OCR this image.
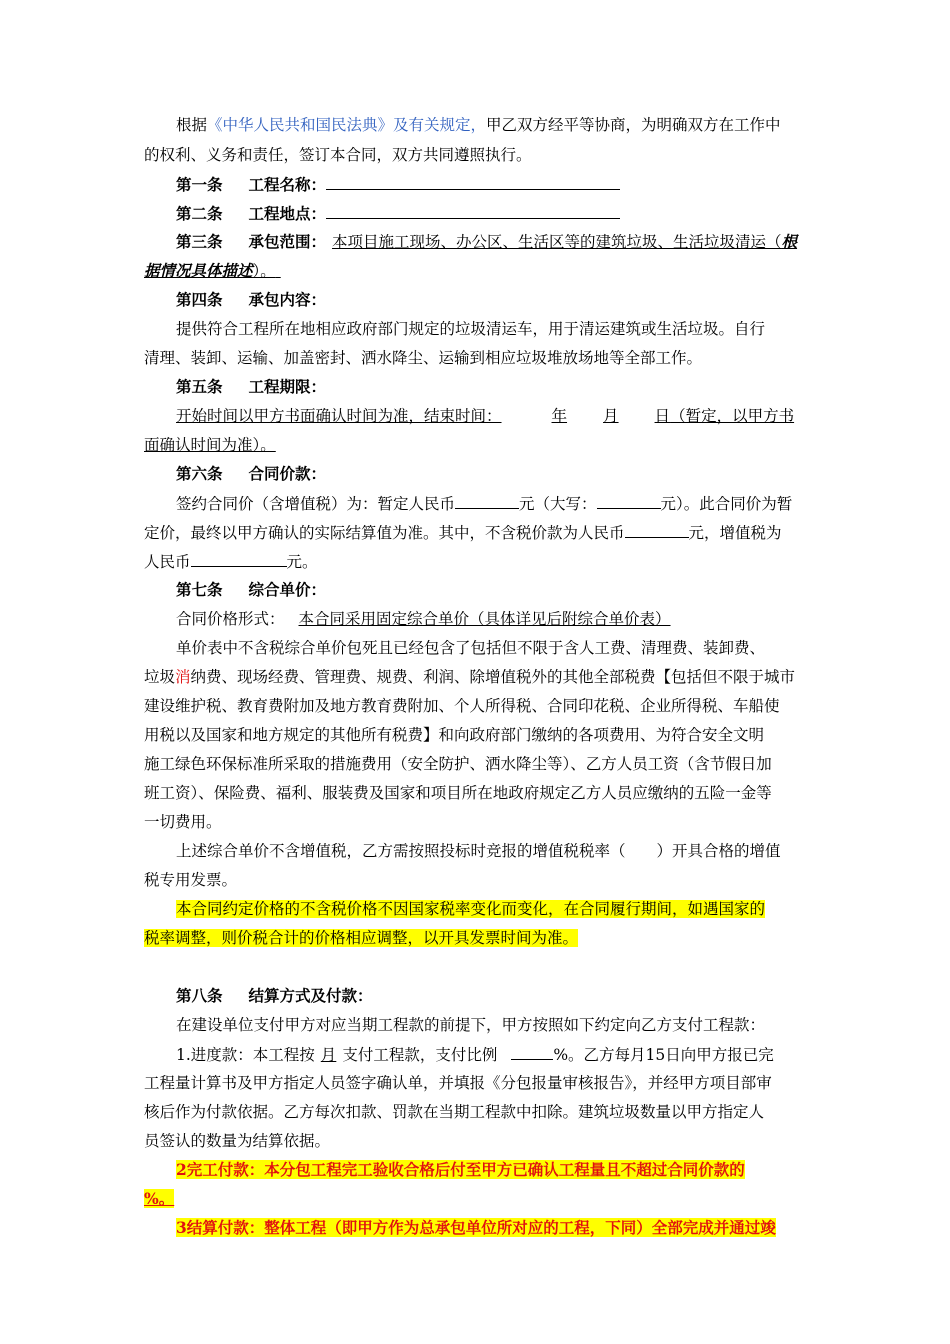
根据《中华人民共和国民法典》及有关规定，甲乙双方经平等协商，为明确双方在工作中
的权利、义务和责任，签订本合同，双方共同遵照执行。
第一条 工程名称：
第二条 工程地点：
第三条 承包范围： 本项目施工现场、办公区、生活区等的建筑垃圾、生活垃圾清运（根
据情况具体描述）。
第四条 承包内容：
提供符合工程所在地相应政府部门规定的垃圾清运车，用于清运建筑或生活垃圾。自行
清理、装卸、运输、加盖密封、洒水降尘、运输到相应垃圾堆放场地等全部工作。
第五条 工程期限：
开始时间以甲方书面确认时间为准，结束时间：	年 月 日（暂定，以甲方书
面确认时间为准）。
第六条 合同价款：
签约合同价（含增值税）为：暂定人民币	元（大写：	元）。此合同价为暂
定价，最终以甲方确认的实际结算值为准。其中，不含税价款为人民币	元，增值税为
人民币	元。
第七条 综合单价：
合同价格形式： 本合同采用固定综合单价（具体详见后附综合单价表）
单价表中不含税综合单价包死且已经包含了包括但不限于含人工费、清理费、装卸费、
垃圾消纳费、现场经费、管理费、规费、利润、除增值税外的其他全部税费【包括但不限于城市
建设维护税、教育费附加及地方教育费附加、个人所得税、合同印花税、企业所得税、车船使
用税以及国家和地方规定的其他所有税费】和向政府部门缴纳的各项费用、为符合安全文明
施工绿色环保标准所采取的措施费用（安全防护、洒水降尘等）、乙方人员工资（含节假日加
班工资）、保险费、福利、服装费及国家和项目所在地政府规定乙方人员应缴纳的五险一金等
一切费用。
上述综合单价不含增值税，乙方需按照投标时竞报的增值税税率（　　）开具合格的增值
税专用发票。
本合同约定价格的不含税价格不因国家税率变化而变化，在合同履行期间，如遇国家的
税率调整，则价税合计的价格相应调整，以开具发票时间为准。
第八条 结算方式及付款：
在建设单位支付甲方对应当期工程款的前提下，甲方按照如下约定向乙方支付工程款：
1.进度款：本工程按 月 支付工程款，支付比例	%。乙方每月15日向甲方报已完
工程量计算书及甲方指定人员签字确认单，并填报《分包报量审核报告》，并经甲方项目部审
核后作为付款依据。乙方每次扣款、罚款在当期工程款中扣除。建筑垃圾数量以甲方指定人
员签认的数量为结算依据。
2完工付款：本分包工程完工验收合格后付至甲方已确认工程量且不超过合同价款的
%。
3结算付款：整体工程（即甲方作为总承包单位所对应的工程，下同）全部完成并通过竣
